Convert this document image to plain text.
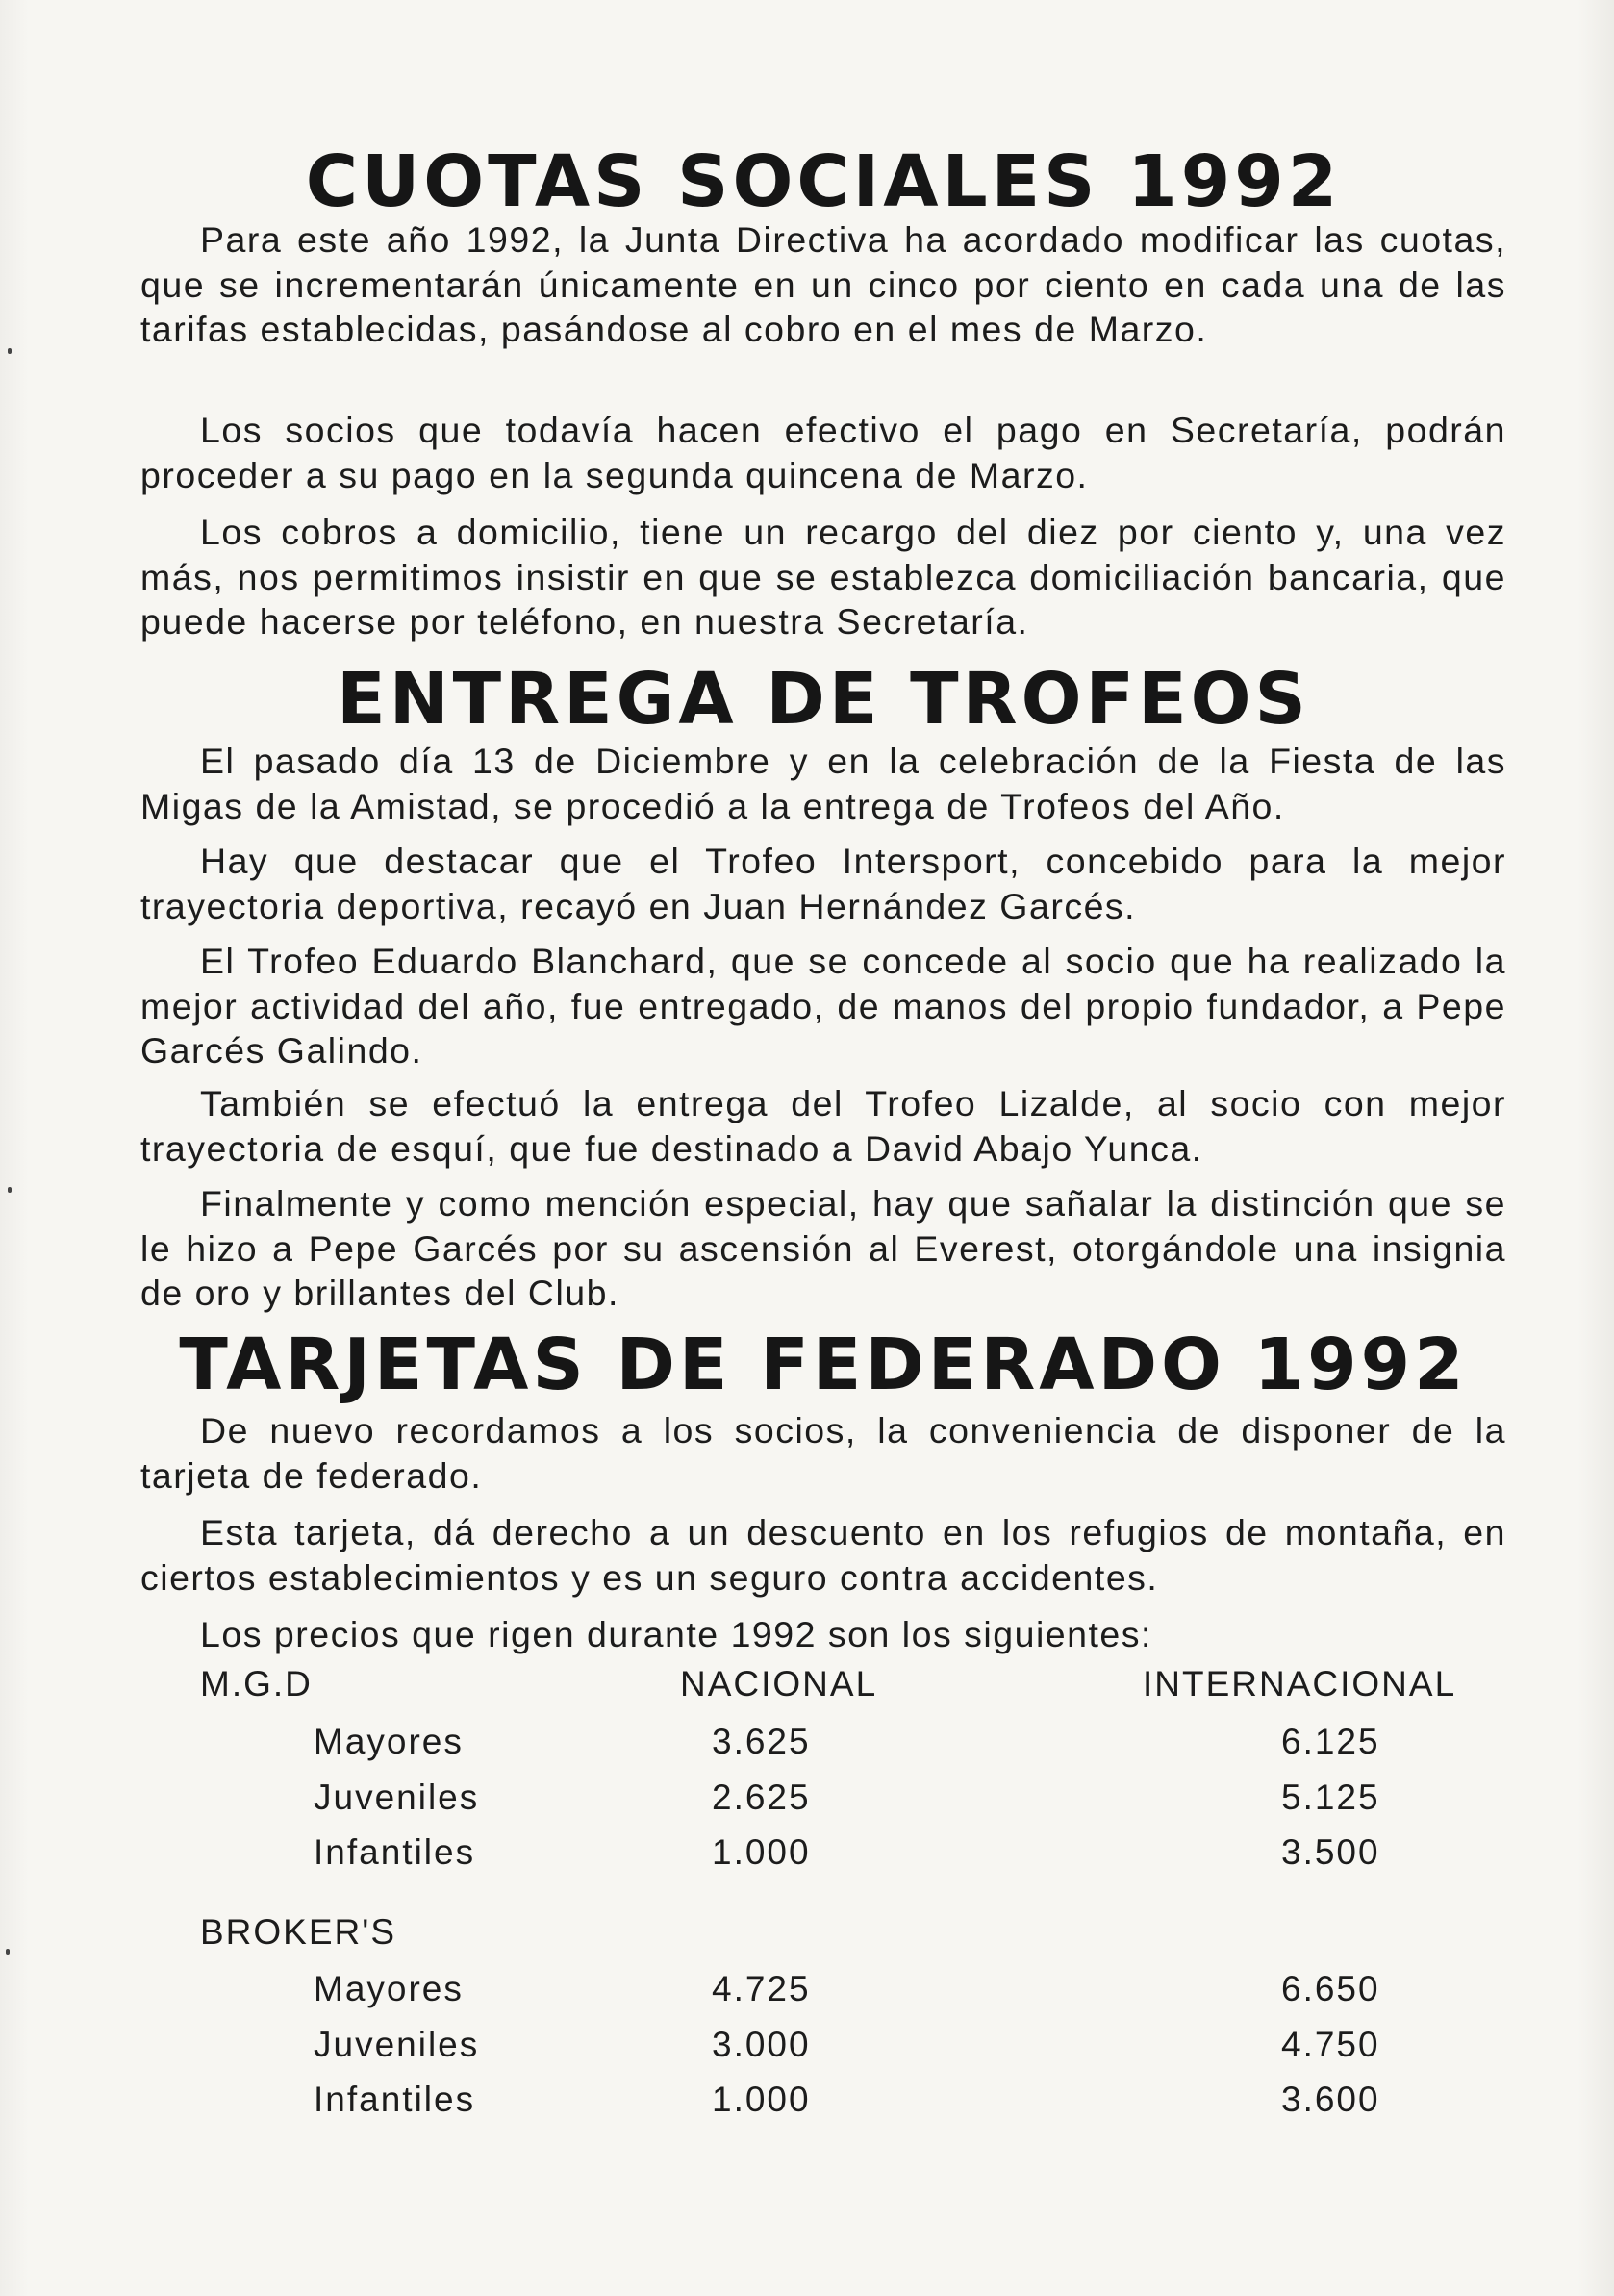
CUOTAS SOCIALES 1992

Para este año 1992, la Junta Directiva ha acordado modificar las cuotas, que se incrementarán únicamente en un cinco por ciento en cada una de las tarifas establecidas, pasándose al cobro en el mes de Marzo.

Los socios que todavía hacen efectivo el pago en Secretaría, podrán proceder a su pago en la segunda quincena de Marzo.

Los cobros a domicilio, tiene un recargo del diez por ciento y, una vez más, nos permitimos insistir en que se establezca domiciliación bancaria, que puede hacerse por teléfono, en nuestra Secretaría.

ENTREGA DE TROFEOS

El pasado día 13 de Diciembre y en la celebración de la Fiesta de las Migas de la Amistad, se procedió a la entrega de Trofeos del Año.

Hay que destacar que el Trofeo Intersport, concebido para la mejor trayectoria deportiva, recayó en Juan Hernández Garcés.

El Trofeo Eduardo Blanchard, que se concede al socio que ha realizado la mejor actividad del año, fue entregado, de manos del propio fundador, a Pepe Garcés Galindo.

También se efectuó la entrega del Trofeo Lizalde, al socio con mejor trayectoria de esquí, que fue destinado a David Abajo Yunca.

Finalmente y como mención especial, hay que sañalar la distinción que se le hizo a Pepe Garcés por su ascensión al Everest, otorgándole una insignia de oro y brillantes del Club.

TARJETAS DE FEDERADO 1992

De nuevo recordamos a los socios, la conveniencia de disponer de la tarjeta de federado.

Esta tarjeta, dá derecho a un descuento en los refugios de montaña, en ciertos establecimientos y es un seguro contra accidentes.

Los precios que rigen durante 1992 son los siguientes:

M.G.D	NACIONAL	INTERNACIONAL
Mayores	3.625	6.125
Juveniles	2.625	5.125
Infantiles	1.000	3.500
BROKER'S
Mayores	4.725	6.650
Juveniles	3.000	4.750
Infantiles	1.000	3.600
